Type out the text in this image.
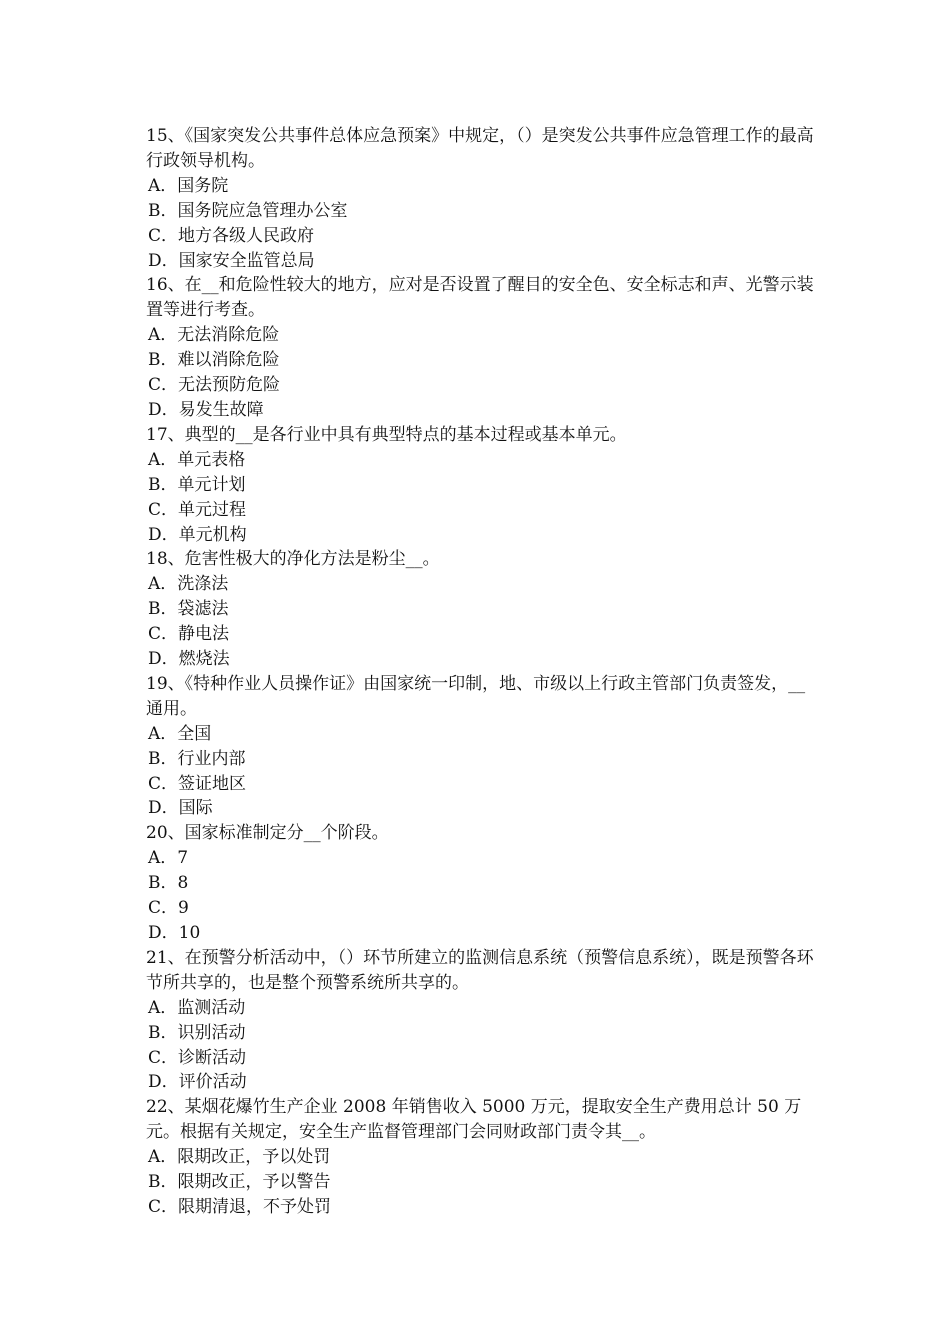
15、《国家突发公共事件总体应急预案》中规定，（）是突发公共事件应急管理工作的最高行政领导机构。

A．国务院

B．国务院应急管理办公室

C．地方各级人民政府

D．国家安全监管总局

16、在__和危险性较大的地方，应对是否设置了醒目的安全色、安全标志和声、光警示装置等进行考查。

A．无法消除危险

B．难以消除危险

C．无法预防危险

D．易发生故障

17、典型的__是各行业中具有典型特点的基本过程或基本单元。

A．单元表格

B．单元计划

C．单元过程

D．单元机构

18、危害性极大的净化方法是粉尘__。

A．洗涤法

B．袋滤法

C．静电法

D．燃烧法

19、《特种作业人员操作证》由国家统一印制，地、市级以上行政主管部门负责签发，__通用。

A．全国

B．行业内部

C．签证地区

D．国际

20、国家标准制定分__个阶段。

A．7

B．8

C．9

D．10

21、在预警分析活动中，（）环节所建立的监测信息系统（预警信息系统），既是预警各环节所共享的，也是整个预警系统所共享的。

A．监测活动

B．识别活动

C．诊断活动

D．评价活动

22、某烟花爆竹生产企业 2008 年销售收入 5000 万元，提取安全生产费用总计 50 万元。根据有关规定，安全生产监督管理部门会同财政部门责令其__。

A．限期改正，予以处罚

B．限期改正，予以警告

C．限期清退，不予处罚
